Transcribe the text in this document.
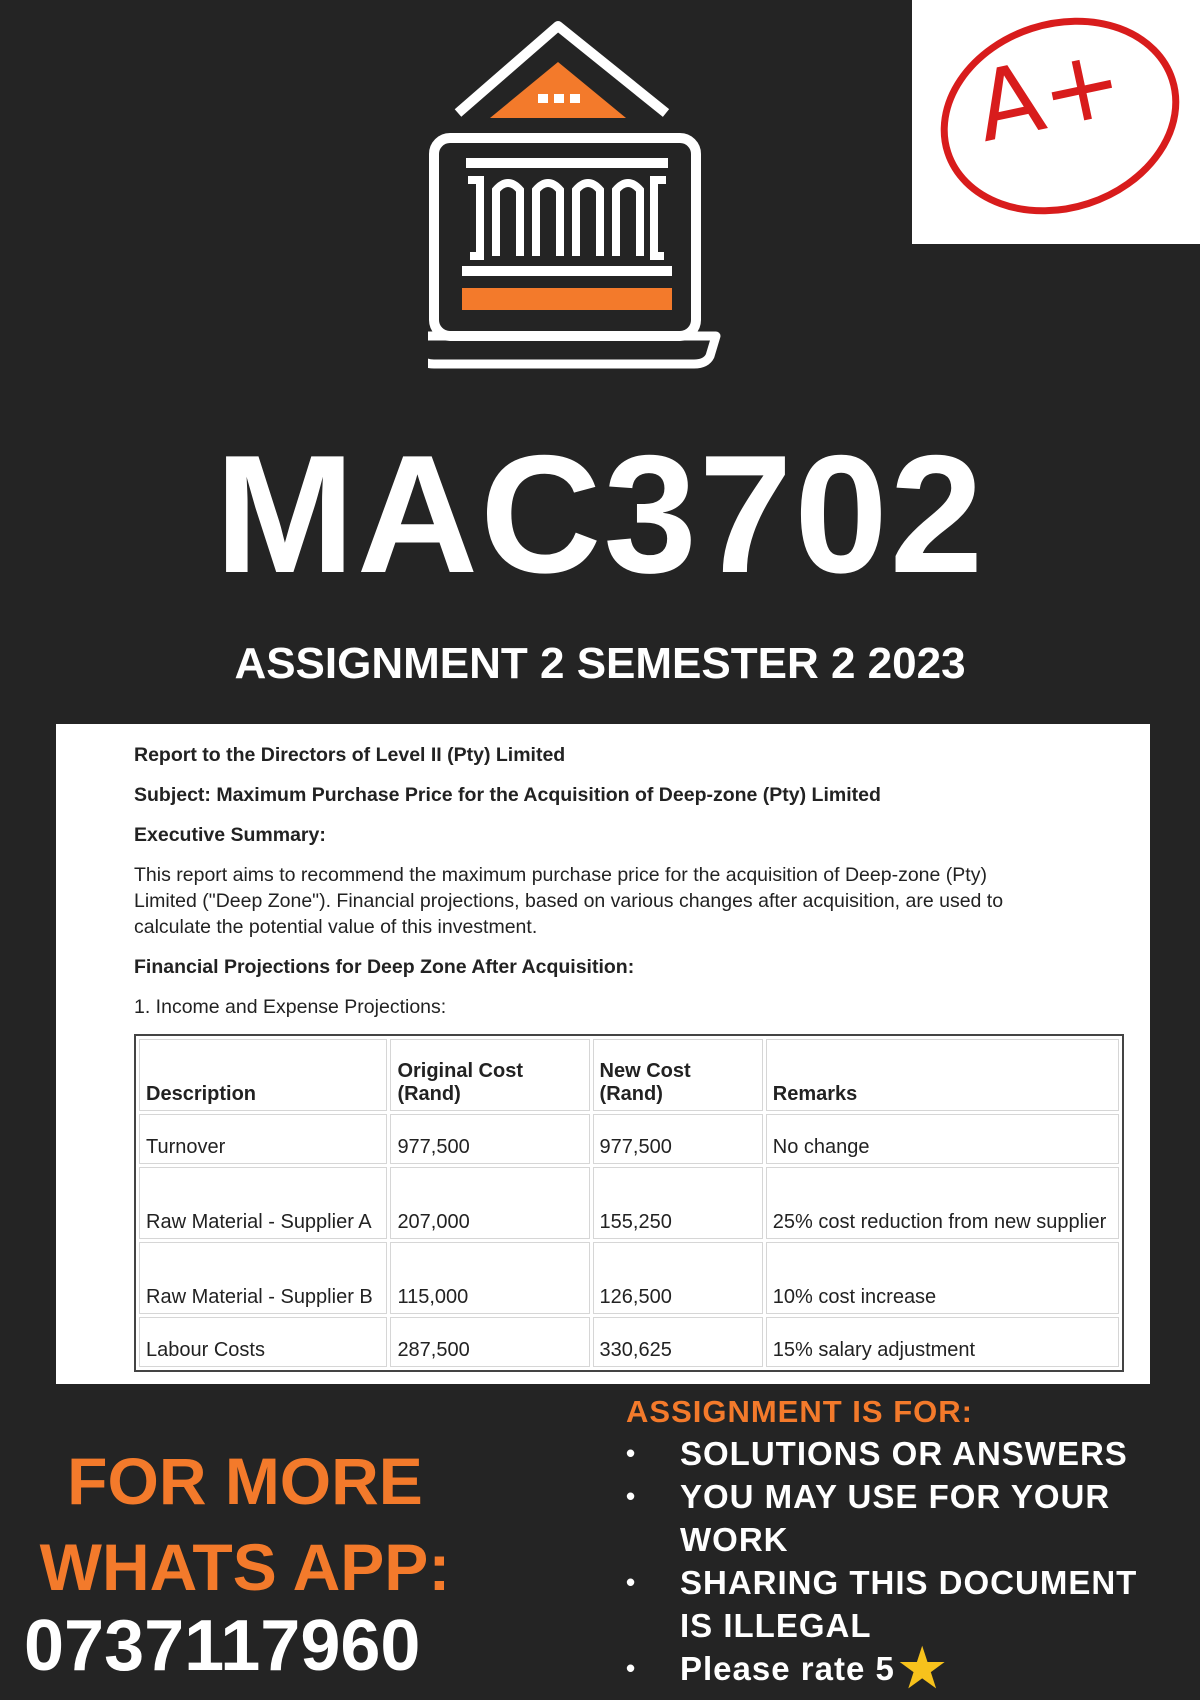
A+
MAC3702
ASSIGNMENT 2 SEMESTER 2 2023

Report to the Directors of Level II (Pty) Limited

Subject: Maximum Purchase Price for the Acquisition of Deep-zone (Pty) Limited

Executive Summary:

This report aims to recommend the maximum purchase price for the acquisition of Deep-zone (Pty) Limited ("Deep Zone"). Financial projections, based on various changes after acquisition, are used to calculate the potential value of this investment.

Financial Projections for Deep Zone After Acquisition:

1. Income and Expense Projections:

Description	Original Cost (Rand)	New Cost (Rand)	Remarks
Turnover	977,500	977,500	No change
Raw Material - Supplier A	207,000	155,250	25% cost reduction from new supplier
Raw Material - Supplier B	115,000	126,500	10% cost increase
Labour Costs	287,500	330,625	15% salary adjustment
FOR MORE
WHATS APP:
0737117960
ASSIGNMENT IS FOR:
• SOLUTIONS OR ANSWERS
• YOU MAY USE FOR YOUR WORK
• SHARING THIS DOCUMENT IS ILLEGAL
• Please rate 5★
